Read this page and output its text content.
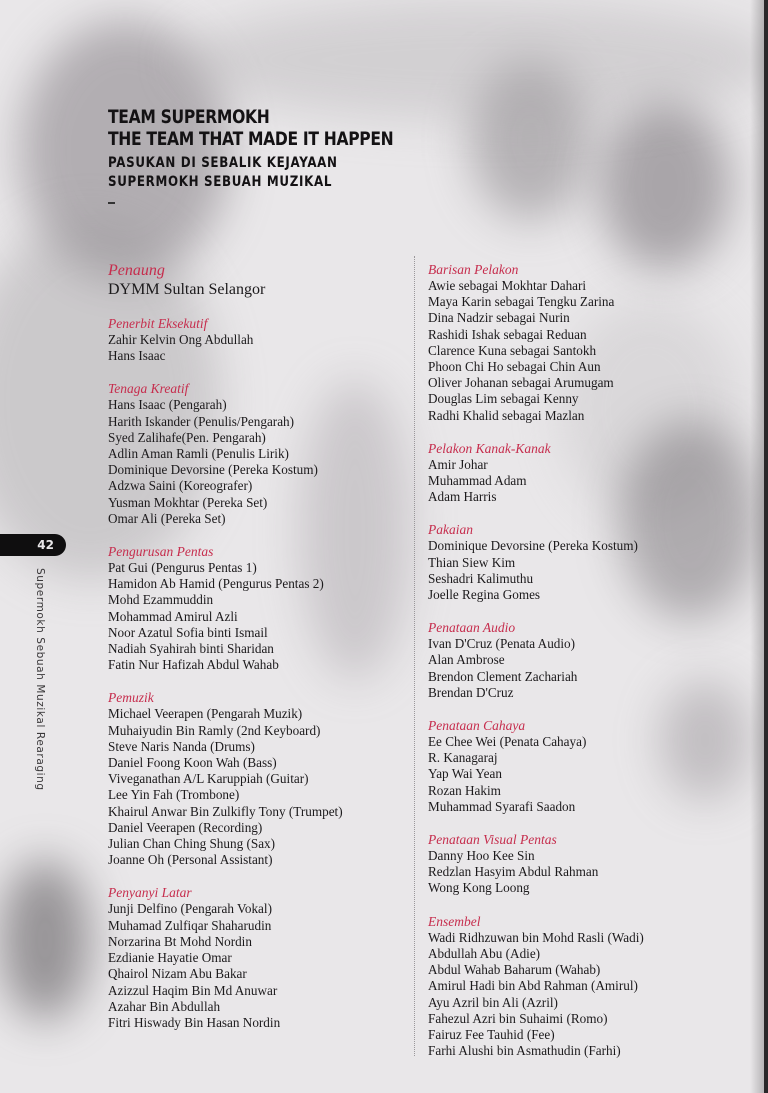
TEAM SUPERMOKH
THE TEAM THAT MADE IT HAPPEN
PASUKAN DI SEBALIK KEJAYAAN
SUPERMOKH SEBUAH MUZIKAL
Penaung
DYMM Sultan Selangor
Penerbit Eksekutif
Zahir Kelvin Ong Abdullah
Hans Isaac
Tenaga Kreatif
Hans Isaac (Pengarah)
Harith Iskander (Penulis/Pengarah)
Syed Zalihafe(Pen. Pengarah)
Adlin Aman Ramli (Penulis Lirik)
Dominique Devorsine (Pereka Kostum)
Adzwa Saini (Koreografer)
Yusman Mokhtar (Pereka Set)
Omar Ali (Pereka Set)
Pengurusan Pentas
Pat Gui (Pengurus Pentas 1)
Hamidon Ab Hamid (Pengurus Pentas 2)
Mohd Ezammuddin
Mohammad Amirul Azli
Noor Azatul Sofia binti Ismail
Nadiah Syahirah binti Sharidan
Fatin Nur Hafizah Abdul Wahab
Pemuzik
Michael Veerapen (Pengarah Muzik)
Muhaiyudin Bin Ramly (2nd Keyboard)
Steve Naris Nanda (Drums)
Daniel Foong Koon Wah (Bass)
Viveganathan A/L Karuppiah (Guitar)
Lee Yin Fah (Trombone)
Khairul Anwar Bin Zulkifly Tony (Trumpet)
Daniel Veerapen (Recording)
Julian Chan Ching Shung (Sax)
Joanne Oh (Personal Assistant)
Penyanyi Latar
Junji Delfino (Pengarah Vokal)
Muhamad Zulfiqar Shaharudin
Norzarina Bt Mohd Nordin
Ezdianie Hayatie Omar
Qhairol Nizam Abu Bakar
Azizzul Haqim Bin Md Anuwar
Azahar Bin Abdullah
Fitri Hiswady Bin Hasan Nordin
Barisan Pelakon
Awie sebagai Mokhtar Dahari
Maya Karin sebagai Tengku Zarina
Dina Nadzir sebagai Nurin
Rashidi Ishak sebagai Reduan
Clarence Kuna sebagai Santokh
Phoon Chi Ho sebagai Chin Aun
Oliver Johanan sebagai Arumugam
Douglas Lim sebagai Kenny
Radhi Khalid sebagai Mazlan
Pelakon Kanak-Kanak
Amir Johar
Muhammad Adam
Adam Harris
Pakaian
Dominique Devorsine (Pereka Kostum)
Thian Siew Kim
Seshadri Kalimuthu
Joelle Regina Gomes
Penataan Audio
Ivan D'Cruz (Penata Audio)
Alan Ambrose
Brendon Clement Zachariah
Brendan D'Cruz
Penataan Cahaya
Ee Chee Wei (Penata Cahaya)
R. Kanagaraj
Yap Wai Yean
Rozan Hakim
Muhammad Syarafi Saadon
Penataan Visual Pentas
Danny Hoo Kee Sin
Redzlan Hasyim Abdul Rahman
Wong Kong Loong
Ensembel
Wadi Ridhzuwan bin Mohd Rasli (Wadi)
Abdullah Abu (Adie)
Abdul Wahab Baharum (Wahab)
Amirul Hadi bin Abd Rahman (Amirul)
Ayu Azril bin Ali (Azril)
Fahezul Azri bin Suhaimi (Romo)
Fairuz Fee Tauhid (Fee)
Farhi Alushi bin Asmathudin (Farhi)
42
Supermokh Sebuah Muzikal Rearaging
